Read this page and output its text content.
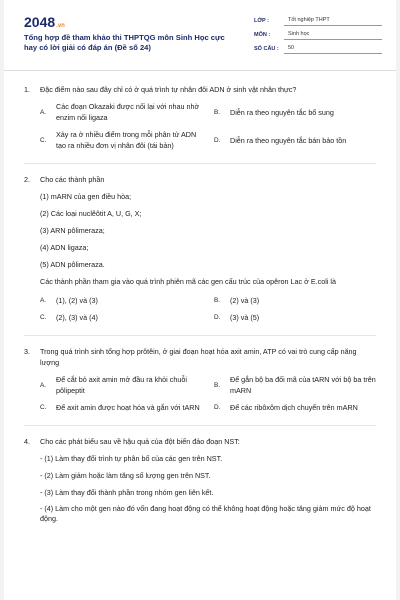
2048.vn
Tổng hợp đề tham khảo thi THPTQG môn Sinh Học cực hay có lời giải có đáp án (Đề số 24)
LỚP :	Tốt nghiệp THPT
MÔN :	Sinh học
SỐ CÂU :	50
1.	Đặc điểm nào sau đây chỉ có ở quá trình tự nhân đôi ADN ở sinh vật nhân thực?
A.
Các đoạn Okazaki được nối lại với nhau nhờ enzim nối ligaza
B.	Diễn ra theo nguyên tắc bổ sung
C.
Xảy ra ở nhiều điểm trong mỗi phân tử ADN tạo ra nhiều đơn vị nhân đôi (tái bản)
D.	Diễn ra theo nguyên tắc bán bảo tồn
2.	Cho các thành phần
(1) mARN của gen điều hòa;
(2) Các loại nuclêôtit A, U, G, X;
(3) ARN pôlimeraza;
(4) ADN ligaza;
(5) ADN pôlimeraza.
Các thành phần tham gia vào quá trình phiên mã các gen cấu trúc của opêron Lac ở E.coli là
A.	(1), (2) và (3)	B.	(2) và (3)
C.	(2), (3) và (4)	D.	(3) và (5)
3.	Trong quá trình sinh tổng hợp prôtêin, ở giai đoạn hoạt hóa axit amin, ATP có vai trò cung cấp năng lượng
A.
Để cắt bỏ axit amin mở đầu ra khỏi chuỗi pôlipeptit
B.
Để gắn bộ ba đối mã của tARN với bộ ba trên mARN
C.	Để axit amin được hoạt hóa và gắn với tARN D.	Để các ribôxôm dịch chuyển trên mARN
4.	Cho các phát biểu sau về hậu quả của đột biến đảo đoạn NST:
- (1) Làm thay đổi trình tự phân bố của các gen trên NST.
- (2) Làm giảm hoặc làm tăng số lượng gen trên NST.
- (3) Làm thay đổi thành phần trong nhóm gen liên kết.
- (4) Làm cho một gen nào đó vốn đang hoạt động có thể không hoạt động hoặc tăng giảm mức độ hoạt động.
